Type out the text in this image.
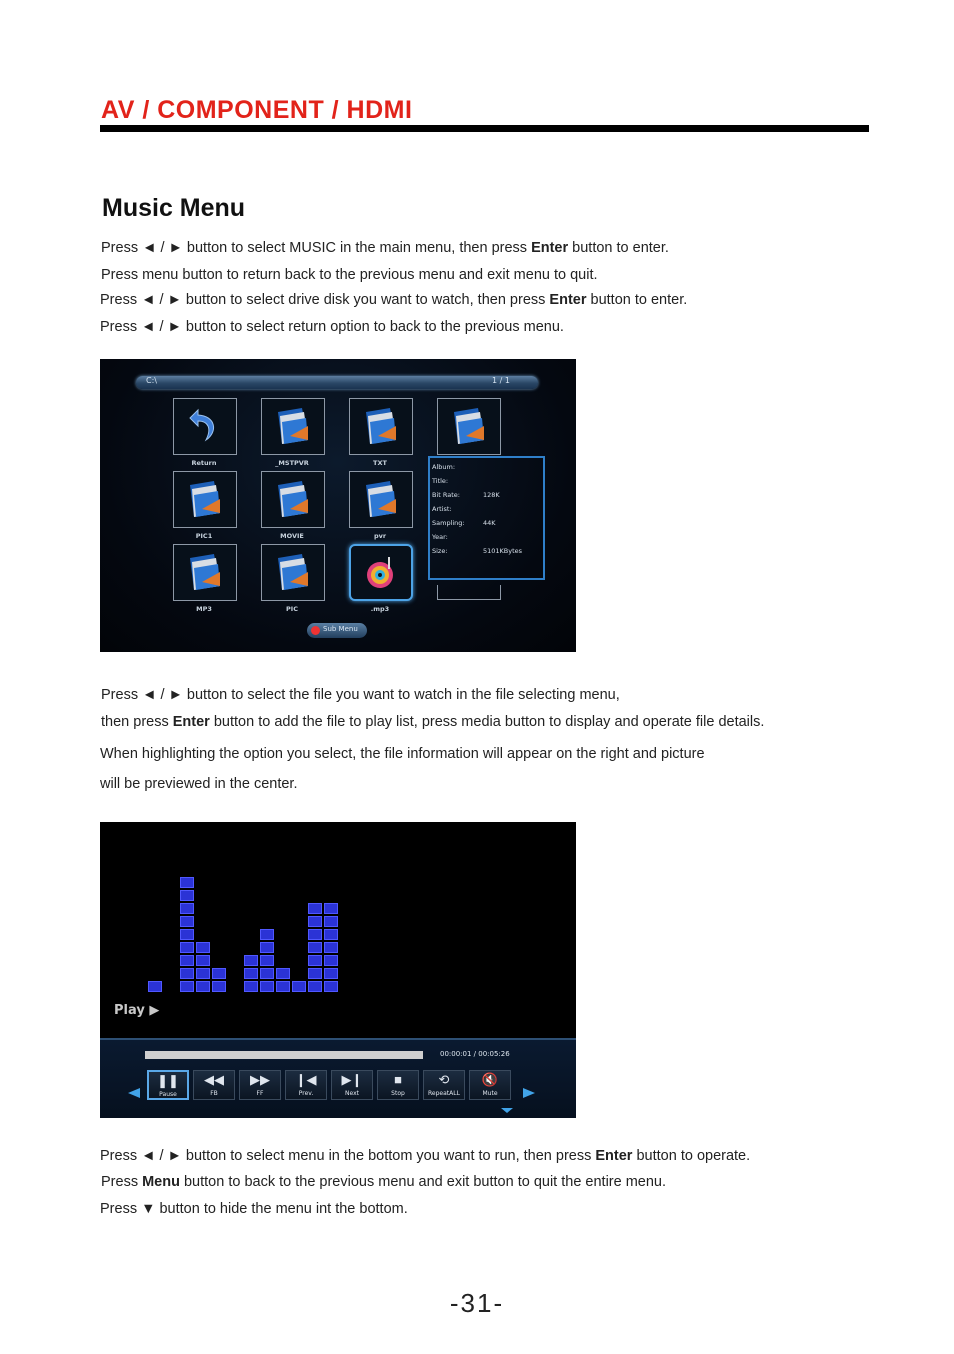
AV / COMPONENT / HDMI
Music Menu
Press ◄ / ► button to select MUSIC in the main menu, then press Enter button to enter.
Press menu button to return back to the previous menu and exit menu to quit.
Press ◄ / ► button to select drive disk you want to watch, then press Enter button to enter.
Press ◄ / ► button to select return option to back to the previous menu.
C:\	1 / 1
Return	_MSTPVR	TXT
PIC1	MOVIE	pvr
MP3	PIC	.mp3
Album:
Title:
Bit Rate:	128K
Artist:
Sampling:	44K
Year:
Size:	5101KBytes
Sub Menu
Press ◄ / ► button to select the file you want to watch in the file selecting menu,
then press Enter button to add the file to play list, press media button to display and operate file details.
When highlighting the option you select, the file information will appear on the right and picture
will be previewed in the center.
Play ▶
00:00:01 / 00:05:26
❚❚
Pause
◀◀
FB
▶▶
FF
❙◀
Prev.
▶❙
Next
■
Stop
⟲
RepeatALL
🔇
Mute
Press ◄ / ► button to select menu in the bottom you want to run, then press Enter button to operate.
Press Menu button to back to the previous menu and exit button to quit the entire menu.
Press ▼ button to hide the menu int the bottom.
-31-
